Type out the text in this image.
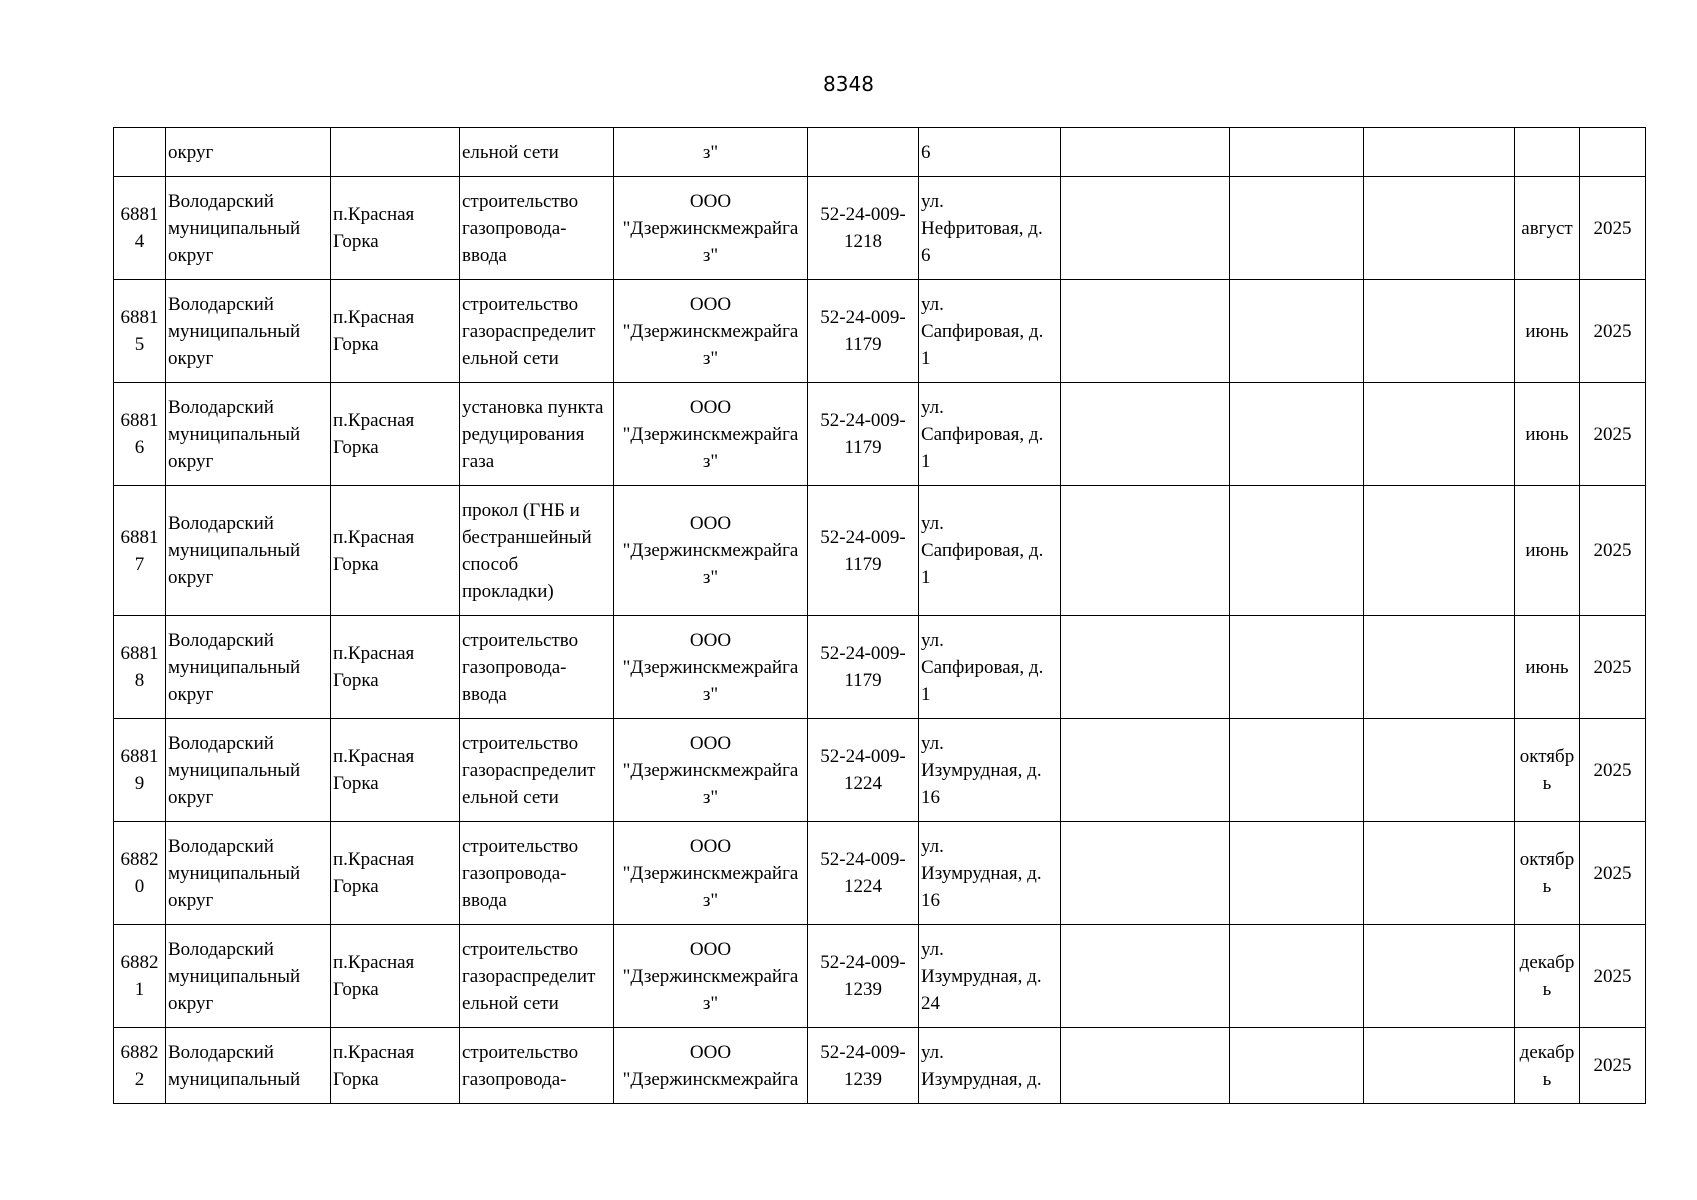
8348
	округ		ельной сети	з"		6					

6881
4	Володарский
муниципальный
округ	п.Красная
Горка	строительство
газопровода-
ввода	ООО
"Дзержинскмежрайга
з"	52-24-009-
1218	ул.
Нефритовая, д.
6				август	2025

6881
5	Володарский
муниципальный
округ	п.Красная
Горка	строительство
газораспределит
ельной сети	ООО
"Дзержинскмежрайга
з"	52-24-009-
1179	ул.
Сапфировая, д.
1				июнь	2025

6881
6	Володарский
муниципальный
округ	п.Красная
Горка	установка пункта
редуцирования
газа	ООО
"Дзержинскмежрайга
з"	52-24-009-
1179	ул.
Сапфировая, д.
1				июнь	2025

6881
7	Володарский
муниципальный
округ	п.Красная
Горка	прокол (ГНБ и
бестраншейный
способ
прокладки)	ООО
"Дзержинскмежрайга
з"	52-24-009-
1179	ул.
Сапфировая, д.
1				июнь	2025

6881
8	Володарский
муниципальный
округ	п.Красная
Горка	строительство
газопровода-
ввода	ООО
"Дзержинскмежрайга
з"	52-24-009-
1179	ул.
Сапфировая, д.
1				июнь	2025

6881
9	Володарский
муниципальный
округ	п.Красная
Горка	строительство
газораспределит
ельной сети	ООО
"Дзержинскмежрайга
з"	52-24-009-
1224	ул.
Изумрудная, д.
16				октябр
ь	2025

6882
0	Володарский
муниципальный
округ	п.Красная
Горка	строительство
газопровода-
ввода	ООО
"Дзержинскмежрайга
з"	52-24-009-
1224	ул.
Изумрудная, д.
16				октябр
ь	2025

6882
1	Володарский
муниципальный
округ	п.Красная
Горка	строительство
газораспределит
ельной сети	ООО
"Дзержинскмежрайга
з"	52-24-009-
1239	ул.
Изумрудная, д.
24				декабр
ь	2025

6882
2	Володарский
муниципальный	п.Красная
Горка	строительство
газопровода-	ООО
"Дзержинскмежрайга	52-24-009-
1239	ул.
Изумрудная, д.				декабр
ь	2025
